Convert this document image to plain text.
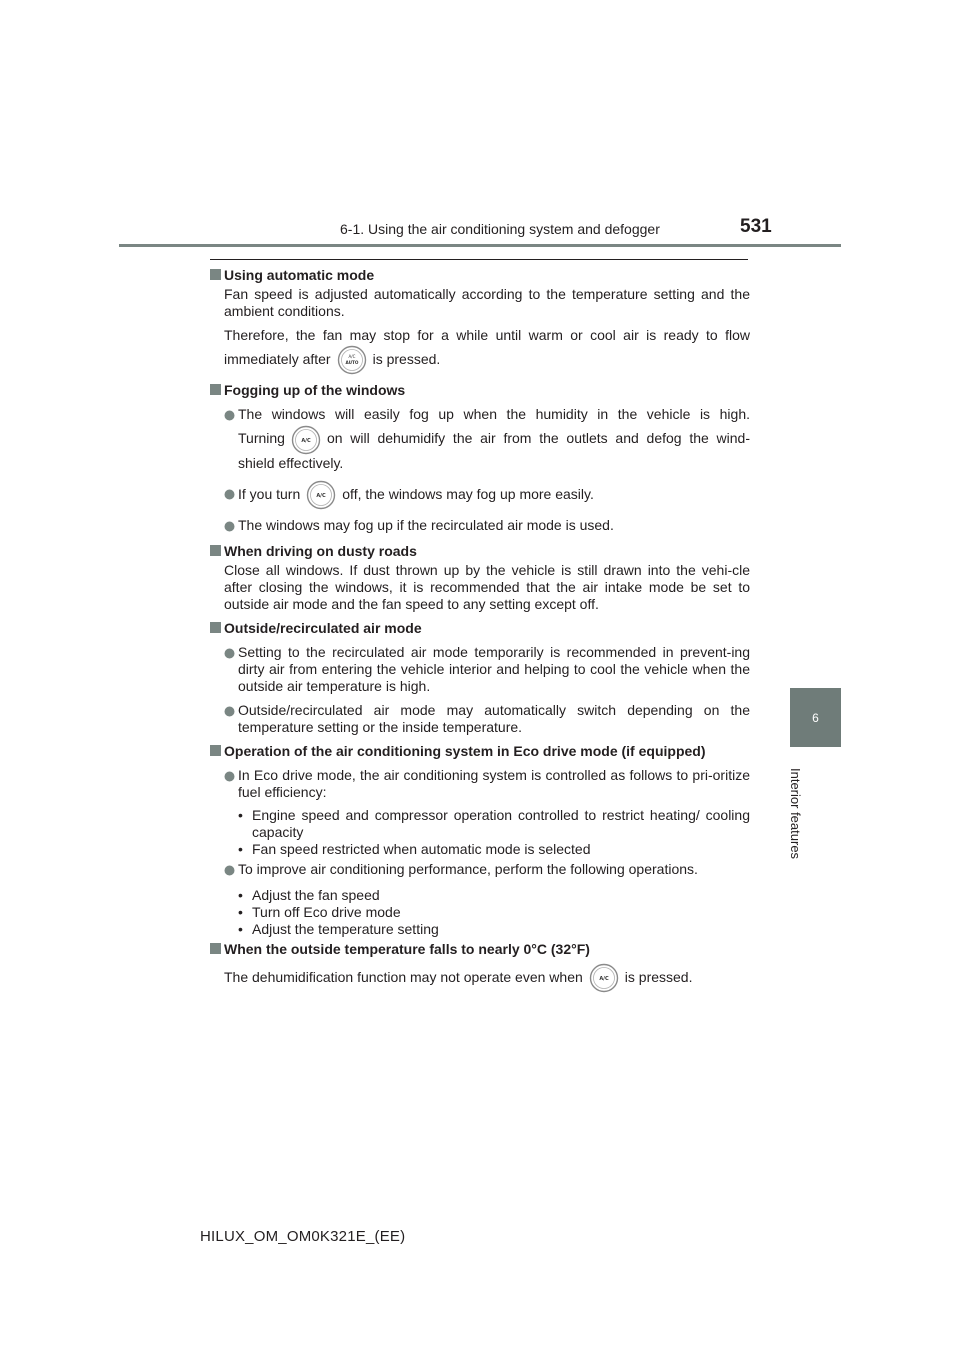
6-1. Using the air conditioning system and defogger	531
6
Interior features
Using automatic mode
Fan speed is adjusted automatically according to the temperature setting and the ambient conditions.
Therefore, the fan may stop for a while until warm or cool air is ready to flow
immediately after	A/C
AUTO is pressed.
Fogging up of the windows
The windows will easily fog up when the humidity in the vehicle is high.
Turning	A/C on will dehumidify the air from the outlets and defog the wind-
shield effectively.
If you turn	A/C off, the windows may fog up more easily.
The windows may fog up if the recirculated air mode is used.
When driving on dusty roads
Close all windows. If dust thrown up by the vehicle is still drawn into the vehi-cle after closing the windows, it is recommended that the air intake mode be set to outside air mode and the fan speed to any setting except off.
Outside/recirculated air mode
Setting to the recirculated air mode temporarily is recommended in prevent-ing dirty air from entering the vehicle interior and helping to cool the vehicle when the outside air temperature is high.
Outside/recirculated air mode may automatically switch depending on the temperature setting or the inside temperature.
Operation of the air conditioning system in Eco drive mode (if equipped)
In Eco drive mode, the air conditioning system is controlled as follows to pri-oritize fuel efficiency:
• Engine speed and compressor operation controlled to restrict heating/ cooling capacity
• Fan speed restricted when automatic mode is selected
To improve air conditioning performance, perform the following operations.
• Adjust the fan speed
• Turn off Eco drive mode
• Adjust the temperature setting
When the outside temperature falls to nearly 0°C (32°F)
The dehumidification function may not operate even when	A/C is pressed.
HILUX_OM_OM0K321E_(EE)
